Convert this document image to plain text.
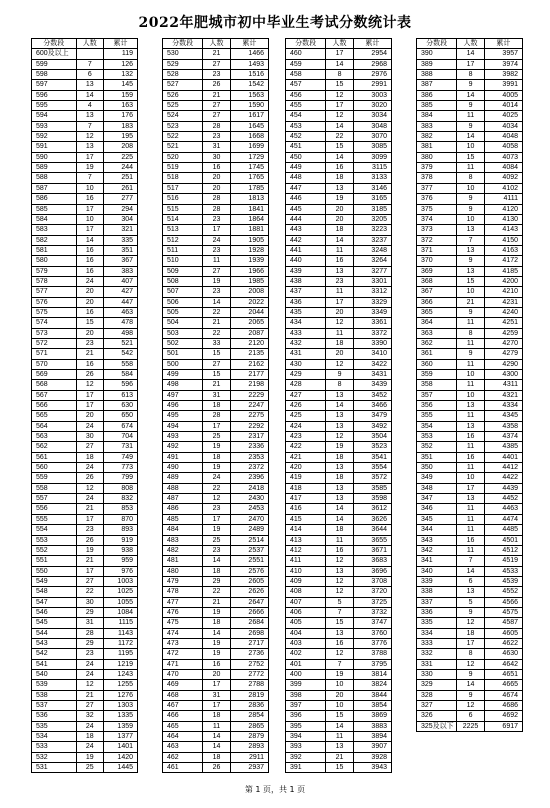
2022年肥城市初中毕业生考试分数统计表
分数段	人数	累计
600及以上		119
599	7	126
598	6	132
597	13	145
596	14	159
595	4	163
594	13	176
593	7	183
592	12	195
591	13	208
590	17	225
589	19	244
588	7	251
587	10	261
586	16	277
585	17	294
584	10	304
583	17	321
582	14	335
581	16	351
580	16	367
579	16	383
578	24	407
577	20	427
576	20	447
575	16	463
574	15	478
573	20	498
572	23	521
571	21	542
570	16	558
569	26	584
568	12	596
567	17	613
566	17	630
565	20	650
564	24	674
563	30	704
562	27	731
561	18	749
560	24	773
559	26	799
558	12	808
557	24	832
556	21	853
555	17	870
554	23	893
553	26	919
552	19	938
551	21	959
550	17	976
549	27	1003
548	22	1025
547	30	1055
546	29	1084
545	31	1115
544	28	1143
543	29	1172
542	23	1195
541	24	1219
540	24	1243
539	12	1255
538	21	1276
537	27	1303
536	32	1335
535	24	1359
534	18	1377
533	24	1401
532	19	1420
531	25	1445
分数段	人数	累计
530	21	1466
529	27	1493
528	23	1516
527	26	1542
526	21	1563
525	27	1590
524	27	1617
523	28	1645
522	23	1668
521	31	1699
520	30	1729
519	16	1745
518	20	1765
517	20	1785
516	28	1813
515	28	1841
514	23	1864
513	17	1881
512	24	1905
511	23	1928
510	11	1939
509	27	1966
508	19	1985
507	23	2008
506	14	2022
505	22	2044
504	21	2065
503	22	2087
502	33	2120
501	15	2135
500	27	2162
499	15	2177
498	21	2198
497	31	2229
496	18	2247
495	28	2275
494	17	2292
493	25	2317
492	19	2336
491	18	2353
490	19	2372
489	24	2396
488	22	2418
487	12	2430
486	23	2453
485	17	2470
484	19	2489
483	25	2514
482	23	2537
481	14	2551
480	18	2576
479	29	2605
478	22	2626
477	21	2647
476	19	2666
475	18	2684
474	14	2698
473	19	2717
472	19	2736
471	16	2752
470	20	2772
469	17	2788
468	31	2819
467	17	2836
466	18	2854
465	11	2865
464	14	2879
463	14	2893
462	18	2911
461	26	2937
分数段	人数	累计
460	17	2954
459	14	2968
458	8	2976
457	15	2991
456	12	3003
455	17	3020
454	12	3034
453	14	3048
452	22	3070
451	15	3085
450	14	3099
449	16	3115
448	18	3133
447	13	3146
446	19	3165
445	20	3185
444	20	3205
443	18	3223
442	14	3237
441	11	3248
440	16	3264
439	13	3277
438	23	3301
437	11	3312
436	17	3329
435	20	3349
434	12	3361
433	11	3372
432	18	3390
431	20	3410
430	12	3422
429	9	3431
428	8	3439
427	13	3452
426	14	3466
425	13	3479
424	13	3492
423	12	3504
422	19	3523
421	18	3541
420	13	3554
419	18	3572
418	13	3585
417	13	3598
416	14	3612
415	14	3626
414	18	3644
413	11	3655
412	16	3671
411	12	3683
410	13	3696
409	12	3708
408	12	3720
407	5	3725
406	7	3732
405	15	3747
404	13	3760
403	16	3776
402	12	3788
401	7	3795
400	19	3814
399	10	3824
398	20	3844
397	10	3854
396	15	3869
395	14	3883
394	11	3894
393	13	3907
392	21	3928
391	15	3943
分数段	人数	累计
390	14	3957
389	17	3974
388	8	3982
387	9	3991
386	14	4005
385	9	4014
384	11	4025
383	9	4034
382	14	4048
381	10	4058
380	15	4073
379	11	4084
378	8	4092
377	10	4102
376	9	4111
375	9	4120
374	10	4130
373	13	4143
372	7	4150
371	13	4163
370	9	4172
369	13	4185
368	15	4200
367	10	4210
366	21	4231
365	9	4240
364	11	4251
363	8	4259
362	11	4270
361	9	4279
360	11	4290
359	10	4300
358	11	4311
357	10	4321
356	13	4334
355	11	4345
354	13	4358
353	16	4374
352	11	4385
351	16	4401
350	11	4412
349	10	4422
348	17	4439
347	13	4452
346	11	4463
345	11	4474
344	11	4485
343	16	4501
342	11	4512
341	7	4519
340	14	4533
339	6	4539
338	13	4552
337	5	4566
336	9	4575
335	12	4587
334	18	4605
333	17	4622
332	8	4630
331	12	4642
330	9	4651
329	14	4665
328	9	4674
327	12	4686
326	6	4692
325及以下	2225	6917
第 1 页，共 1 页
